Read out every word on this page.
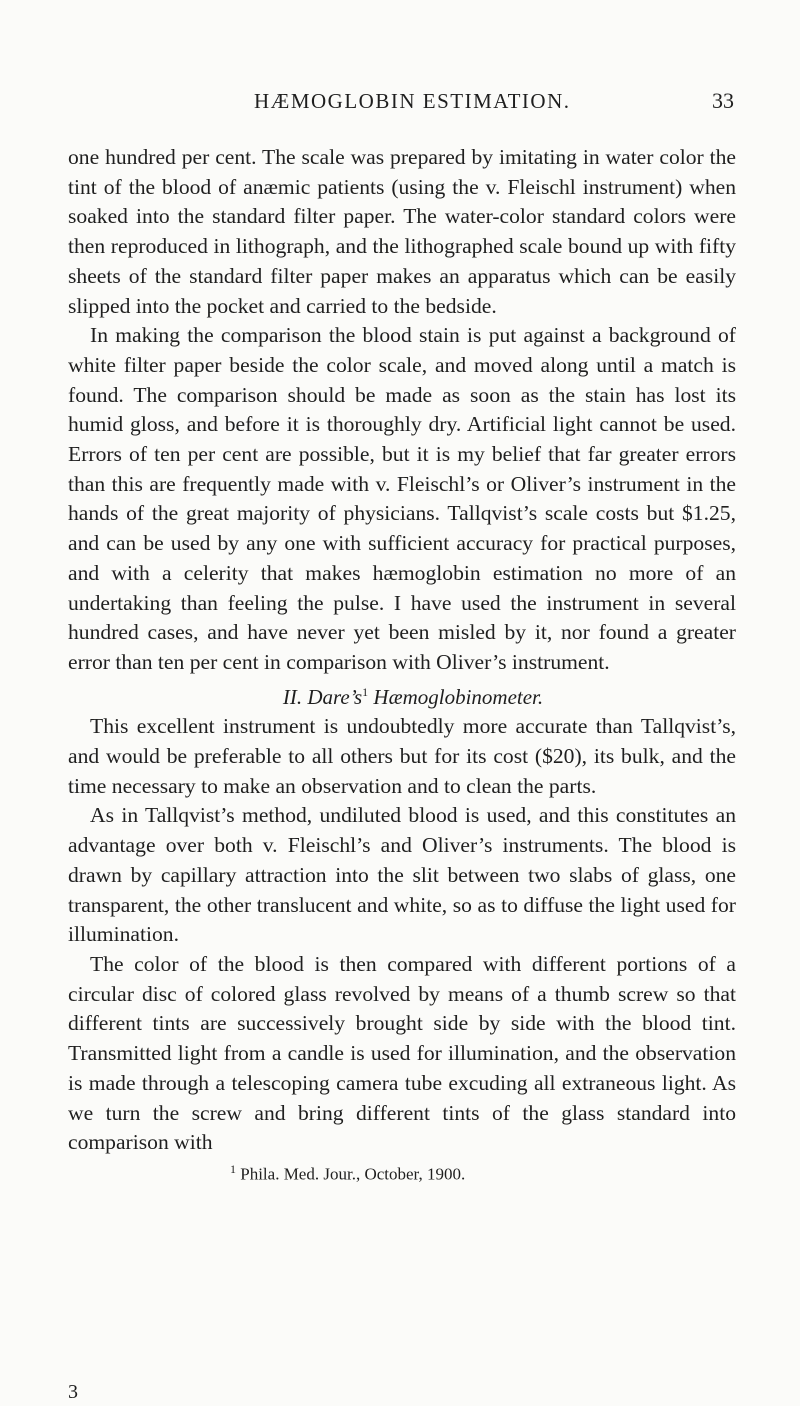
HÆMOGLOBIN ESTIMATION.	33

one hundred per cent. The scale was prepared by imitating in water color the tint of the blood of anæmic patients (using the v. Fleischl instrument) when soaked into the standard filter paper. The water-color standard colors were then reproduced in lithograph, and the lithographed scale bound up with fifty sheets of the standard filter paper makes an apparatus which can be easily slipped into the pocket and carried to the bedside.

In making the comparison the blood stain is put against a background of white filter paper beside the color scale, and moved along until a match is found. The comparison should be made as soon as the stain has lost its humid gloss, and before it is thoroughly dry. Artificial light cannot be used. Errors of ten per cent are possible, but it is my belief that far greater errors than this are frequently made with v. Fleischl’s or Oliver’s instrument in the hands of the great majority of physicians. Tallqvist’s scale costs but $1.25, and can be used by any one with sufficient accuracy for practical purposes, and with a celerity that makes hæmoglobin estimation no more of an undertaking than feeling the pulse. I have used the instrument in several hundred cases, and have never yet been misled by it, nor found a greater error than ten per cent in comparison with Oliver’s instrument.

II. $Dare’s^1$ Hæmoglobinometer.

This excellent instrument is undoubtedly more accurate than Tallqvist’s, and would be preferable to all others but for its cost ($20), its bulk, and the time necessary to make an observation and to clean the parts.

As in Tallqvist’s method, undiluted blood is used, and this constitutes an advantage over both v. Fleischl’s and Oliver’s instruments. The blood is drawn by capillary attraction into the slit between two slabs of glass, one transparent, the other translucent and white, so as to diffuse the light used for illumination.

The color of the blood is then compared with different portions of a circular disc of colored glass revolved by means of a thumb screw so that different tints are successively brought side by side with the blood tint. Transmitted light from a candle is used for illumination, and the observation is made through a telescoping camera tube excuding all extraneous light. As we turn the screw and bring different tints of the glass standard into comparison with

$^1$ Phila. Med. Jour., October, 1900.

3
